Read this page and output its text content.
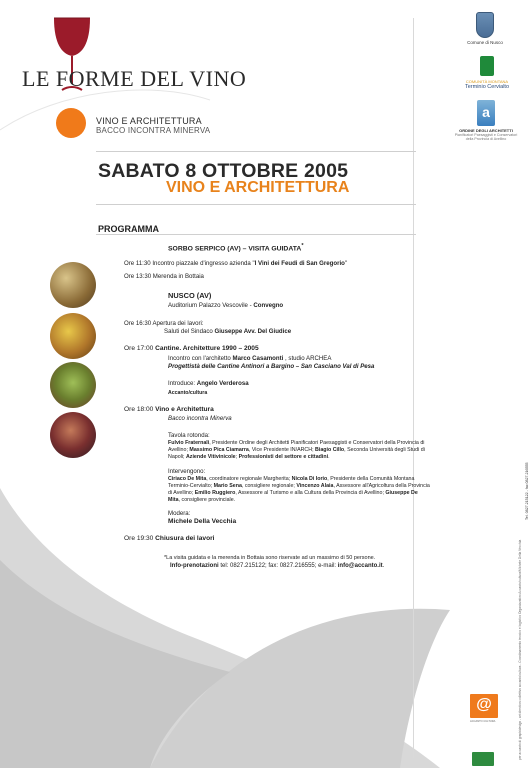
LE FORME DEL VINO
VINO E ARCHITETTURA
BACCO INCONTRA MINERVA
Comune di Nusco
COMUNITÀ MONTANA
Terminio Cervialto
a
ORDINE DEGLI ARCHITETTI
Pianificatori Paesaggisti e Conservatori
della Provincia di Avellino
SABATO 8 OTTOBRE 2005
VINO E ARCHITETTURA
PROGRAMMA
SORBO SERPICO (AV) – VISITA GUIDATA*
Ore 11:30 Incontro piazzale d'ingresso azienda "I Vini dei Feudi di San Gregorio"
Ore 13:30 Merenda in Bottaia
NUSCO (AV)
Auditorium Palazzo Vescovile - Convegno
Ore 16:30 Apertura dei lavori:
Saluti del Sindaco Giuseppe Avv. Del Giudice
Ore 17:00 Cantine. Architetture 1990 – 2005
Incontro con l'architetto Marco Casamonti , studio ARCHEA
Progettistà delle Cantine Antinori a Bargino – San Casciano Val di Pesa
Introduce: Angelo Verderosa
Accanto/cultura
Ore 18:00 Vino e Architettura
Bacco incontra Minerva
Tavola rotonda:
Fulvio Fraternali, Presidente Ordine degli Architetti Pianificatori Paesaggisti e Conservatori della Provincia di
Avellino; Massimo Pica Ciamarra, Vice Presidente IN/ARCH; Biagio Cillo, Seconda Università degli Studi di
Napoli; Aziende Vitivinicole; Professionisti del settore e cittadini.
Intervengono:
Ciriaco De Mita, coordinatore regionale Margherita; Nicola Di Iorio, Presidente della Comunità Montana
Terminio-Cervialto; Mario Sena, consigliere regionale; Vincenzo Alaia, Assessore all'Agricoltura della Provincia
di Avellino; Emilio Ruggiero, Assessore al Turismo e alla Cultura della Provincia di Avellino; Giuseppe De
Mita, consigliere provinciale.
Modera:
Michele Della Vecchia
Ore 19:30 Chiusura dei lavori
*La visita guidata e la merenda in Bottaia sono riservate ad un massimo di 50 persone.
Info-prenotazioni tel: 0827.215122; fax: 0827.216555; e-mail: info@accanto.it.	per accanto di graphidesign - art direction collettivo accanto/cultura - Coordinamento tecnico e logistico Organizzativo Accanto/cultura/Michele Della Vecchia
Tel. 0827.215122 - fax 0827.216555
@
ACCANTO CULTURA
